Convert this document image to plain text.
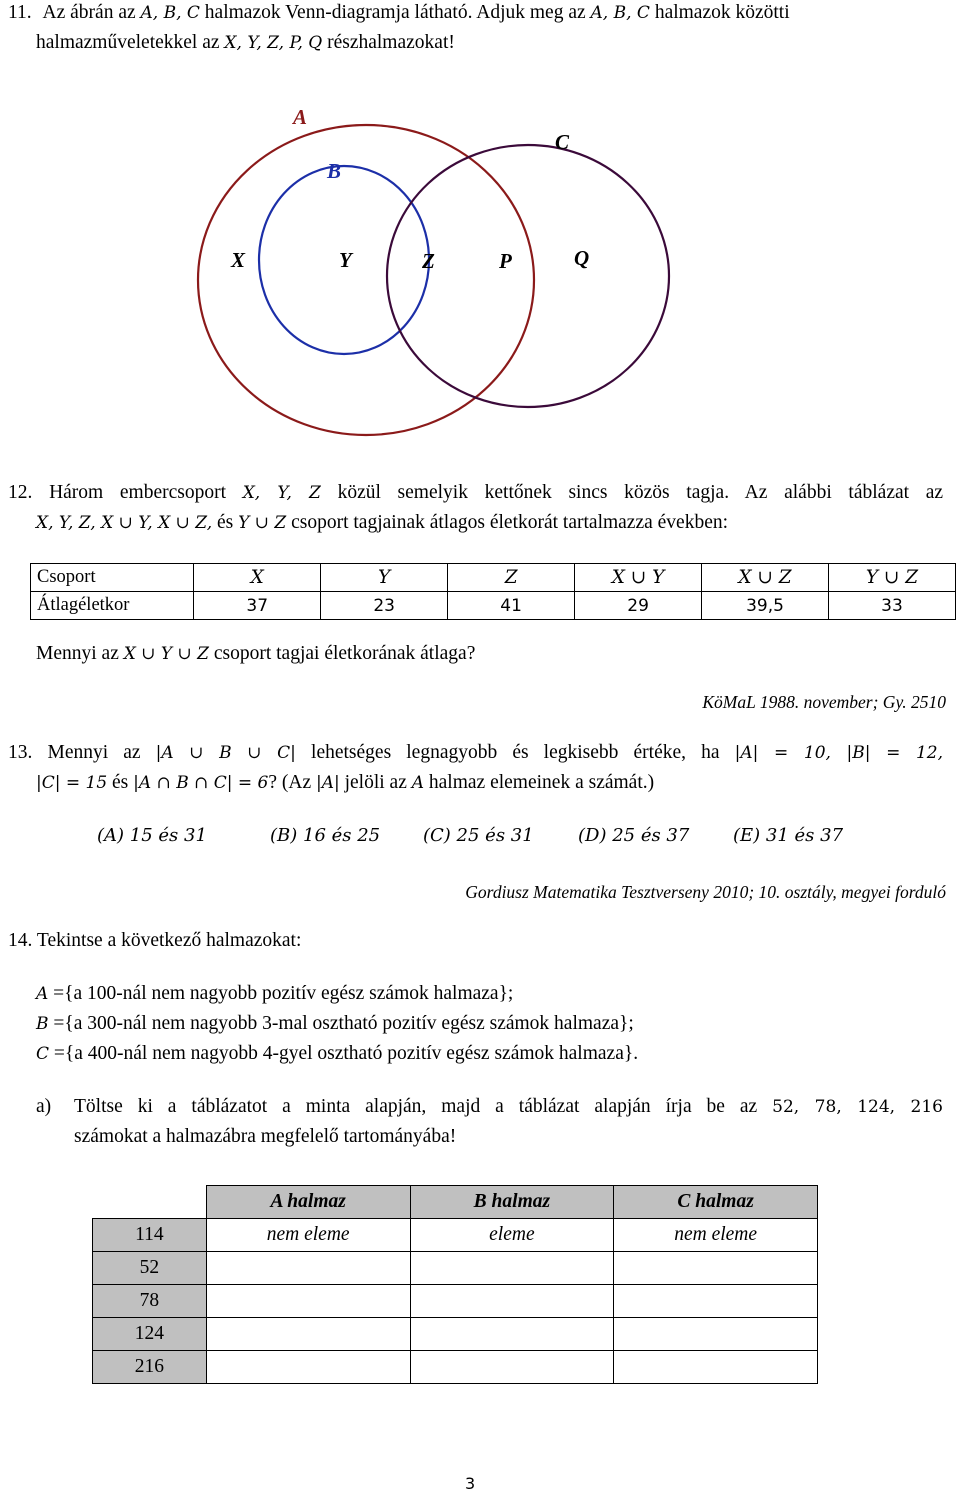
11. Az ábrán az A, B, C halmazok Venn-diagramja látható. Adjuk meg az A, B, C halmazok közötti
halmazműveletekkel az X, Y, Z, P, Q részhalmazokat!
A
B
C
X	Y	Z	P	Q
12. Három embercsoport X, Y, Z közül semelyik kettőnek sincs közös tagja. Az alábbi táblázat az
X, Y, Z, X ∪ Y, X ∪ Z, és Y ∪ Z csoport tagjainak átlagos életkorát tartalmazza években:
Csoport	X	Y	Z	X ∪ Y	X ∪ Z	Y ∪ Z
Átlagéletkor	37	23	41	29	39,5	33
Mennyi az X ∪ Y ∪ Z csoport tagjai életkorának átlaga?
KöMaL 1988. november; Gy. 2510
13. Mennyi az |A ∪ B ∪ C| lehetséges legnagyobb és legkisebb értéke, ha |A| = 10, |B| = 12,
|C| = 15 és |A ∩ B ∩ C| = 6? (Az |A| jelöli az A halmaz elemeinek a számát.)
(A) 15 és 31	(B) 16 és 25 (C) 25 és 31 (D) 25 és 37 (E) 31 és 37
Gordiusz Matematika Tesztverseny 2010; 10. osztály, megyei forduló
14. Tekintse a következő halmazokat:
A ={a 100-nál nem nagyobb pozitív egész számok halmaza};
B ={a 300-nál nem nagyobb 3-mal osztható pozitív egész számok halmaza};
C ={a 400-nál nem nagyobb 4-gyel osztható pozitív egész számok halmaza}.
a) Töltse ki a táblázatot a minta alapján, majd a táblázat alapján írja be az 52, 78, 124, 216
számokat a halmazábra megfelelő tartományába!
	A halmaz	B halmaz	C halmaz
114	nem eleme	eleme	nem eleme
52			
78			
124			
216			
3
